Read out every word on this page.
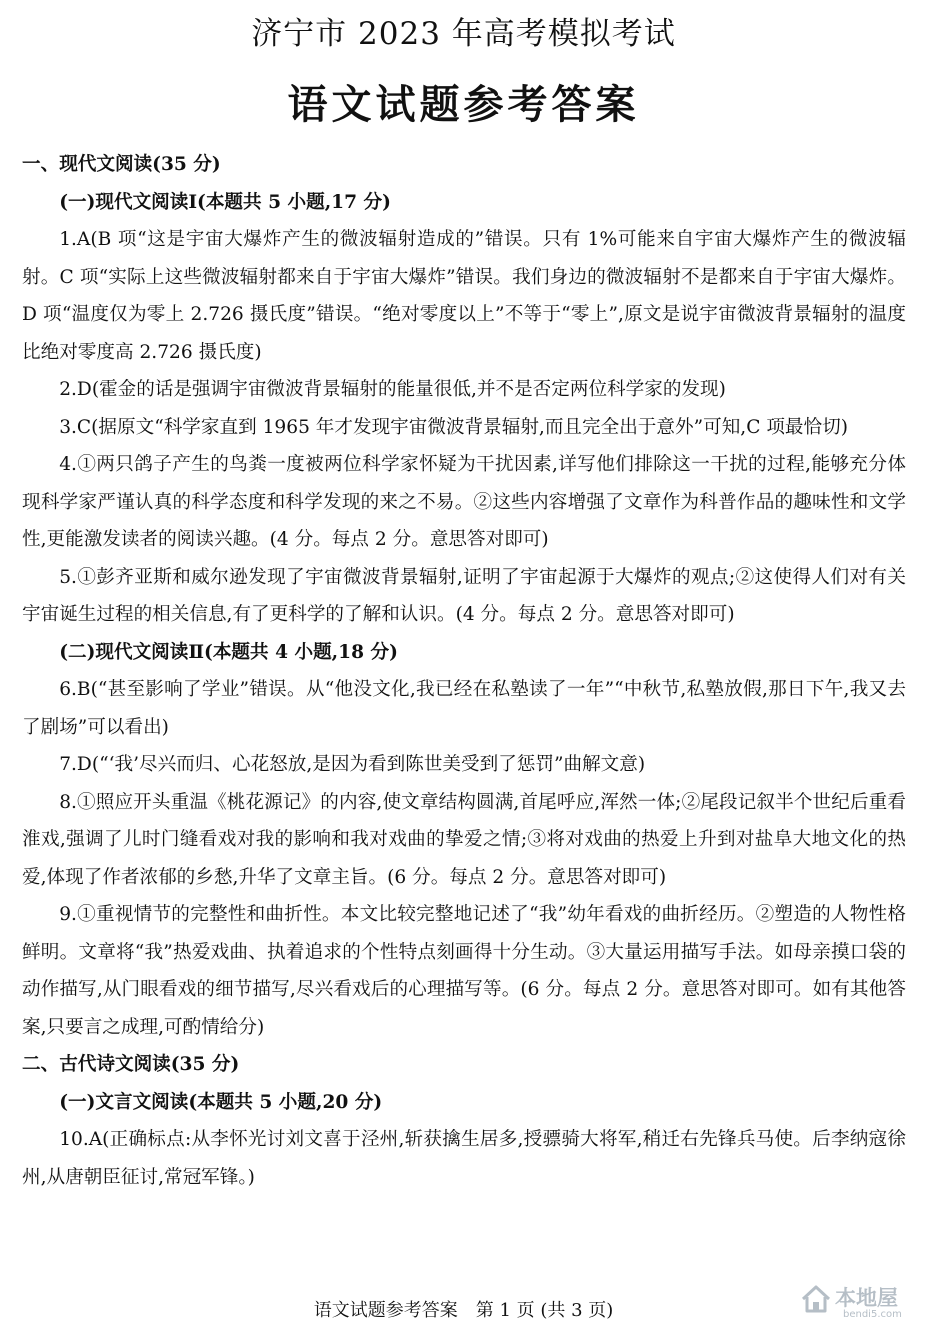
济宁市 2023 年高考模拟考试
语文试题参考答案

一、现代文阅读(35 分)

(一)现代文阅读Ⅰ(本题共 5 小题,17 分)

1.A(B 项“这是宇宙大爆炸产生的微波辐射造成的”错误。只有 1%可能来自宇宙大爆炸产生的微波辐射。C 项“实际上这些微波辐射都来自于宇宙大爆炸”错误。我们身边的微波辐射不是都来自于宇宙大爆炸。D 项“温度仅为零上 2.726 摄氏度”错误。“绝对零度以上”不等于“零上”,原文是说宇宙微波背景辐射的温度比绝对零度高 2.726 摄氏度)

2.D(霍金的话是强调宇宙微波背景辐射的能量很低,并不是否定两位科学家的发现)

3.C(据原文“科学家直到 1965 年才发现宇宙微波背景辐射,而且完全出于意外”可知,C 项最恰切)

4.①两只鸽子产生的鸟粪一度被两位科学家怀疑为干扰因素,详写他们排除这一干扰的过程,能够充分体现科学家严谨认真的科学态度和科学发现的来之不易。②这些内容增强了文章作为科普作品的趣味性和文学性,更能激发读者的阅读兴趣。(4 分。每点 2 分。意思答对即可)

5.①彭齐亚斯和威尔逊发现了宇宙微波背景辐射,证明了宇宙起源于大爆炸的观点;②这使得人们对有关宇宙诞生过程的相关信息,有了更科学的了解和认识。(4 分。每点 2 分。意思答对即可)

(二)现代文阅读Ⅱ(本题共 4 小题,18 分)

6.B(“甚至影响了学业”错误。从“他没文化,我已经在私塾读了一年”“中秋节,私塾放假,那日下午,我又去了剧场”可以看出)

7.D(“‘我’尽兴而归、心花怒放,是因为看到陈世美受到了惩罚”曲解文意)

8.①照应开头重温《桃花源记》的内容,使文章结构圆满,首尾呼应,浑然一体;②尾段记叙半个世纪后重看淮戏,强调了儿时门缝看戏对我的影响和我对戏曲的挚爱之情;③将对戏曲的热爱上升到对盐阜大地文化的热爱,体现了作者浓郁的乡愁,升华了文章主旨。(6 分。每点 2 分。意思答对即可)

9.①重视情节的完整性和曲折性。本文比较完整地记述了“我”幼年看戏的曲折经历。②塑造的人物性格鲜明。文章将“我”热爱戏曲、执着追求的个性特点刻画得十分生动。③大量运用描写手法。如母亲摸口袋的动作描写,从门眼看戏的细节描写,尽兴看戏后的心理描写等。(6 分。每点 2 分。意思答对即可。如有其他答案,只要言之成理,可酌情给分)

二、古代诗文阅读(35 分)

(一)文言文阅读(本题共 5 小题,20 分)

10.A(正确标点:从李怀光讨刘文喜于泾州,斩获擒生居多,授骠骑大将军,稍迁右先锋兵马使。后李纳寇徐州,从唐朝臣征讨,常冠军锋。)

语文试题参考答案　第 1 页 (共 3 页)
本地屋
bendi5.com
